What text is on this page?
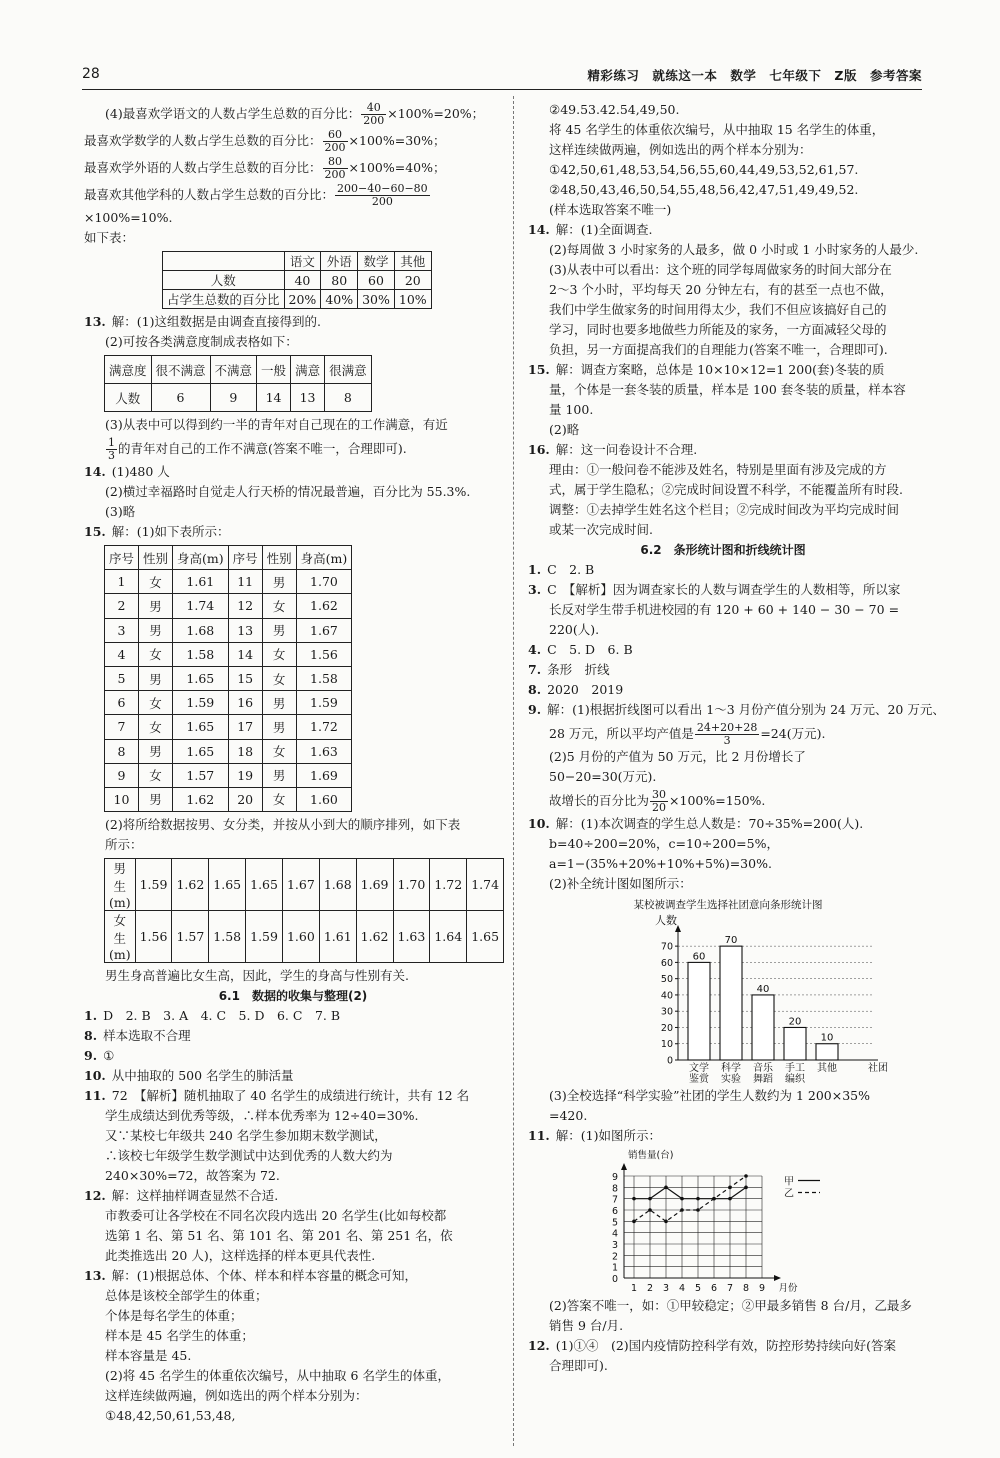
28	精彩练习　就练这一本　数学　七年级下　Z版　参考答案
(4)最喜欢学语文的人数占学生总数的百分比： $\frac{40}{200} \times 100\%=20\%$；
最喜欢学数学的人数占学生总数的百分比： $\frac{60}{200} \times 100\%=30\%$；
最喜欢学外语的人数占学生总数的百分比： $\frac{80}{200} \times 100\%=40\%$；
最喜欢其他学科的人数占学生总数的百分比： $\frac{200-40-60-80}{200}$
×100%=10%.
如下表：
	语文	外语	数学	其他
人数	40	80	60	20
占学生总数的百分比	20%	40%	30%	10%
13. 解：(1)这组数据是由调查直接得到的.
(2)可按各类满意度制成表格如下：
满意度	很不满意	不满意	一般	满意	很满意
人数	6	9	14	13	8
(3)从表中可以得到约一半的青年对自己现在的工作满意，有近
$\frac{1}{3}$ 的青年对自己的工作不满意(答案不唯一，合理即可).
14. (1)480 人
(2)横过幸福路时自觉走人行天桥的情况最普遍，百分比为 55.3%.
(3)略
15. 解：(1)如下表所示：
序号	性别	身高(m)	序号	性别	身高(m)
1	女	1.61	11	男	1.70
2	男	1.74	12	女	1.62
3	男	1.68	13	男	1.67
4	女	1.58	14	女	1.56
5	男	1.65	15	女	1.58
6	女	1.59	16	男	1.59
7	女	1.65	17	男	1.72
8	男	1.65	18	女	1.63
9	女	1.57	19	男	1.69
10	男	1.62	20	女	1.60
(2)将所给数据按男、女分类，并按从小到大的顺序排列，如下表
所示：
男生(m)	1.59	1.62	1.65	1.65	1.67	1.68	1.69	1.70	1.72	1.74
女生(m)	1.56	1.57	1.58	1.59	1.60	1.61	1.62	1.63	1.64	1.65
男生身高普遍比女生高，因此，学生的身高与性别有关.
6.1　数据的收集与整理(2)
1. D　2. B　3. A　4. C　5. D　6. C　7. B
8. 样本选取不合理
9. ①
10. 从中抽取的 500 名学生的肺活量
11. 72　【解析】随机抽取了 40 名学生的成绩进行统计，共有 12 名
学生成绩达到优秀等级，∴样本优秀率为 12÷40=30%.
又∵某校七年级共 240 名学生参加期末数学测试，
∴该校七年级学生数学测试中达到优秀的人数大约为
240×30%=72，故答案为 72.
12. 解：这样抽样调查显然不合适.
市教委可让各学校在不同名次段内选出 20 名学生(比如每校都
选第 1 名、第 51 名、第 101 名、第 201 名、第 251 名，依
此类推选出 20 人)，这样选择的样本更具代表性.
13. 解：(1)根据总体、个体、样本和样本容量的概念可知，
总体是该校全部学生的体重；
个体是每名学生的体重；
样本是 45 名学生的体重；
样本容量是 45.
(2)将 45 名学生的体重依次编号，从中抽取 6 名学生的体重，
这样连续做两遍，例如选出的两个样本分别为：
①48,42,50,61,53,48,
②49.53.42.54,49,50.
将 45 名学生的体重依次编号，从中抽取 15 名学生的体重，
这样连续做两遍，例如选出的两个样本分别为：
①42,50,61,48,53,54,56,55,60,44,49,53,52,61,57.
②48,50,43,46,50,54,55,48,56,42,47,51,49,49,52.
(样本选取答案不唯一)
14. 解：(1)全面调查.
(2)每周做 3 小时家务的人最多，做 0 小时或 1 小时家务的人最少.
(3)从表中可以看出：这个班的同学每周做家务的时间大部分在
2～3 个小时，平均每天 20 分钟左右，有的甚至一点也不做，
我们中学生做家务的时间用得太少，我们不但应该搞好自己的
学习，同时也要多地做些力所能及的家务，一方面减轻父母的
负担，另一方面提高我们的自理能力(答案不唯一，合理即可).
15. 解：调查方案略，总体是 10×10×12=1 200(套)冬装的质
量，个体是一套冬装的质量，样本是 100 套冬装的质量，样本容
量 100.
(2)略
16. 解：这一问卷设计不合理.
理由：①一般问卷不能涉及姓名，特别是里面有涉及完成的方
式，属于学生隐私；②完成时间设置不科学，不能覆盖所有时段.
调整：①去掉学生姓名这个栏目；②完成时间改为平均完成时间
或某一次完成时间.
6.2　条形统计图和折线统计图
1. C　2. B
3. C　【解析】因为调查家长的人数与调查学生的人数相等，所以家
长反对学生带手机进校园的有 120 + 60 + 140 − 30 − 70 =
220(人).
4. C　5. D　6. B
7. 条形　折线
8. 2020　2019
9. 解：(1)根据折线图可以看出 1～3 月份产值分别为 24 万元、20 万元、
28 万元，所以平均产值是 $\frac{24+20+28}{3} =24$(万元).
(2)5 月份的产值为 50 万元，比 2 月份增长了
50−20=30(万元).
故增长的百分比为 $\frac{30}{20} \times 100\%=150\%$.
10. 解：(1)本次调查的学生总人数是：70÷35%=200(人).
b=40÷200=20%，c=10÷200=5%，
a=1−(35%+20%+10%+5%)=30%.
(2)补全统计图如图所示：
某校被调查学生选择社团意向条形统计图
人数
0
10
20
30
40
50
60
70
60
文学
鉴赏
70
科学
实验
40
音乐
舞蹈
20
手工
编织
10
其他	社团
(3)全校选择“科学实验”社团的学生人数约为 1 200×35%
=420.
11. 解：(1)如图所示：
销售量(台)
0
1
2
3
4
5
6
7
8
9
1 2 3 4 5 6 7 8 9 月份
甲
乙
(2)答案不唯一，如：①甲较稳定；②甲最多销售 8 台/月，乙最多
销售 9 台/月.
12. (1)①④　(2)国内疫情防控科学有效，防控形势持续向好(答案
合理即可).
